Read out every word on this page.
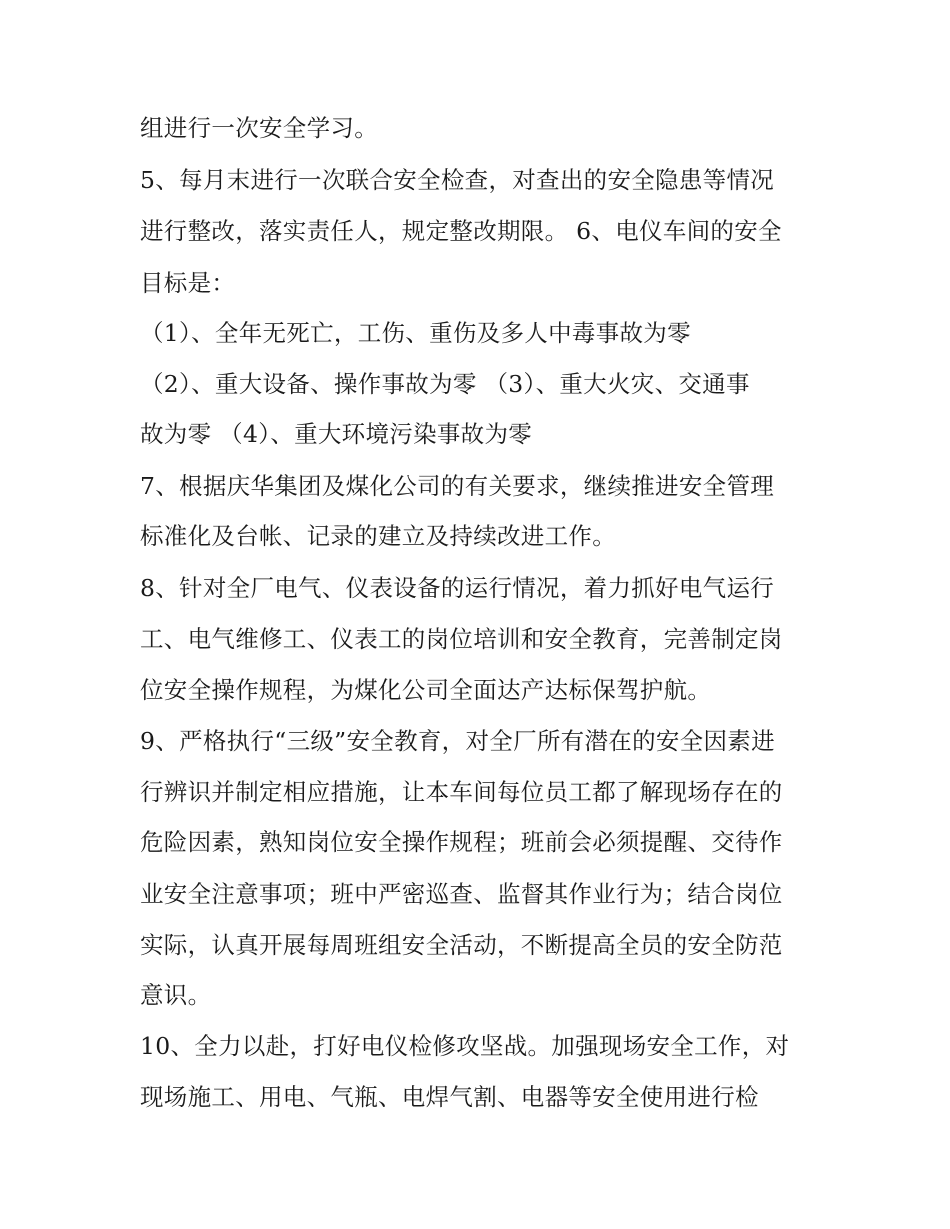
组进行一次安全学习。
5、每月末进行一次联合安全检查，对查出的安全隐患等情况
进行整改，落实责任人，规定整改期限。 6、电仪车间的安全
目标是：
（1）、全年无死亡，工伤、重伤及多人中毒事故为零
（2）、重大设备、操作事故为零 （3）、重大火灾、交通事
故为零 （4）、重大环境污染事故为零
7、根据庆华集团及煤化公司的有关要求，继续推进安全管理
标准化及台帐、记录的建立及持续改进工作。
8、针对全厂电气、仪表设备的运行情况，着力抓好电气运行
工、电气维修工、仪表工的岗位培训和安全教育，完善制定岗
位安全操作规程，为煤化公司全面达产达标保驾护航。
9、严格执行“三级”安全教育，对全厂所有潜在的安全因素进
行辨识并制定相应措施，让本车间每位员工都了解现场存在的
危险因素，熟知岗位安全操作规程；班前会必须提醒、交待作
业安全注意事项；班中严密巡查、监督其作业行为；结合岗位
实际，认真开展每周班组安全活动，不断提高全员的安全防范
意识。
10、全力以赴，打好电仪检修攻坚战。加强现场安全工作，对
现场施工、用电、气瓶、电焊气割、电器等安全使用进行检
